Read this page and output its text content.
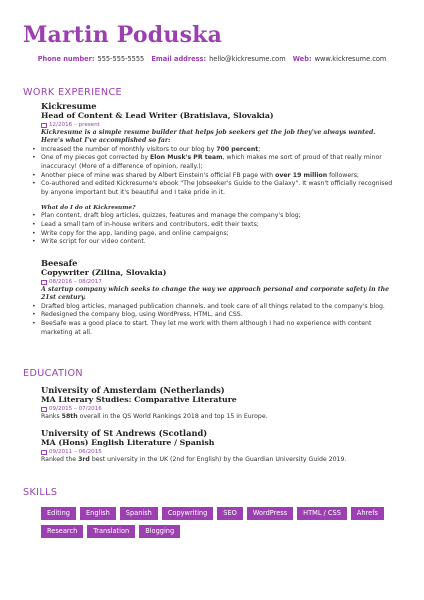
Martin Poduska
Phone number: 555-555-5555 Email address: hello@kickresume.com Web: www.kickresume.com
WORK EXPERIENCE
Kickresume
Head of Content & Lead Writer (Bratislava, Slovakia)
12/2016 – present
Kickresume is a simple resume builder that helps job seekers get the job they've always wanted. Here's what I've accomplished so far:
• Increased the number of monthly visitors to our blog by 700 percent;
• One of my pieces got corrected by Elon Musk's PR team, which makes me sort of proud of that really minor inaccuracy! (More of a difference of opinion, really.);
• Another piece of mine was shared by Albert Einstein's official FB page with over 19 million followers;
• Co-authored and edited Kickresume's ebook "The Jobseeker's Guide to the Galaxy". It wasn't officially recognised by anyone important but it's beautiful and I take pride in it.
What do I do at Kickresume?
• Plan content, draft blog articles, quizzes, features and manage the company's blog;
• Lead a small tam of in-house writers and contributors, edit their texts;
• Write copy for the app, landing page, and online campaigns;
• Write script for our video content.
Beesafe
Copywriter (Zilina, Slovakia)
08/2016 – 08/2017
A startup company which seeks to change the way we approach personal and corporate safety in the 21st century.
• Drafted blog articles, managed publication channels, and took care of all things related to the company's blog.
• Redesigned the company blog, using WordPress, HTML, and CSS.
• BeeSafe was a good place to start. They let me work with them although I had no experience with content marketing at all.
EDUCATION
University of Amsterdam (Netherlands)
MA Literary Studies: Comparative Literature
09/2015 – 07/2016
Ranks 58th overall in the QS World Rankings 2018 and top 15 in Europe.
University of St Andrews (Scotland)
MA (Hons) English Literature / Spanish
09/2011 – 06/2015
Ranked the 3rd best university in the UK (2nd for English) by the Guardian University Guide 2019.
SKILLS
Editing	English	Spanish	Copywriting	SEO	WordPress	HTML / CSS	Ahrefs
Research	Translation	Blogging
